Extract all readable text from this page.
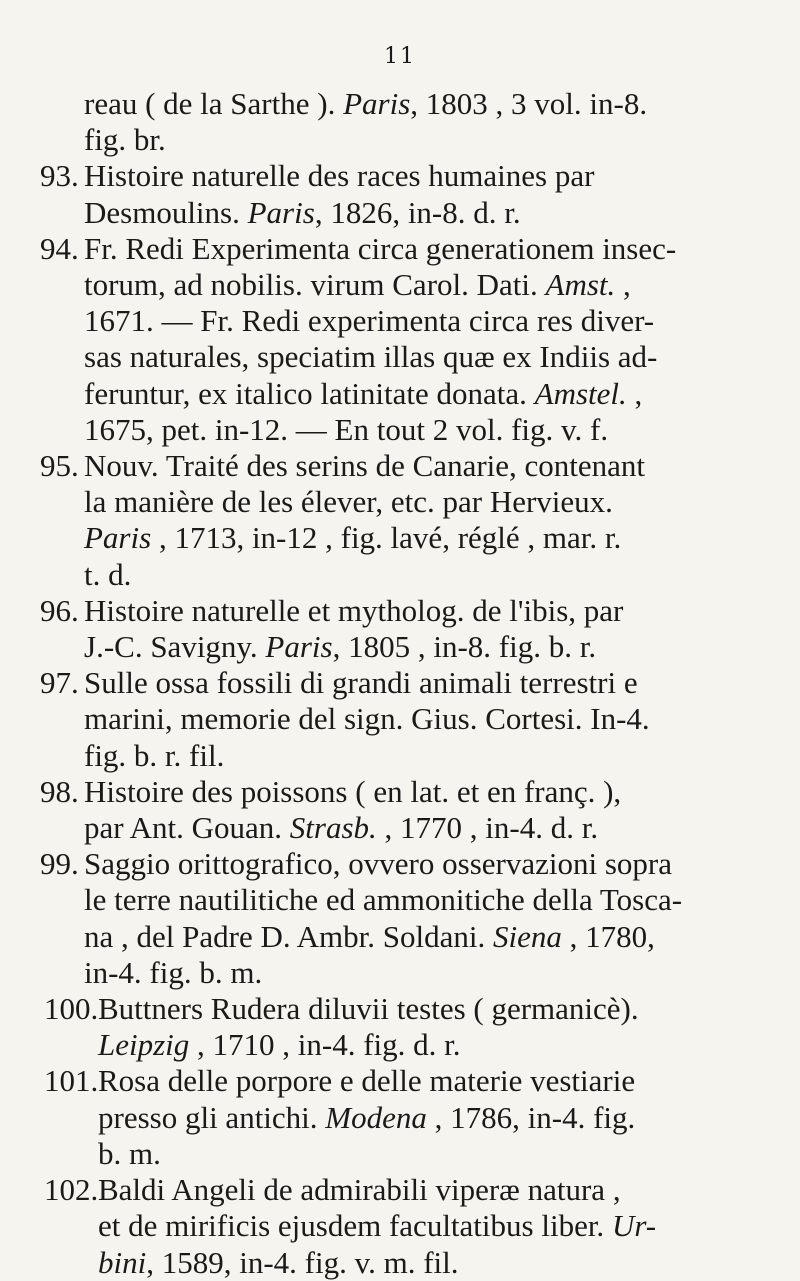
11
reau ( de la Sarthe ). Paris, 1803 , 3 vol. in-8.
fig. br.
93. Histoire naturelle des races humaines par
Desmoulins. Paris, 1826, in-8. d. r.
94. Fr. Redi Experimenta circa generationem insec-
torum, ad nobilis. virum Carol. Dati. Amst. ,
1671. — Fr. Redi experimenta circa res diver-
sas naturales, speciatim illas quæ ex Indiis ad-
feruntur, ex italico latinitate donata. Amstel. ,
1675, pet. in-12. — En tout 2 vol. fig. v. f.
95. Nouv. Traité des serins de Canarie, contenant
la manière de les élever, etc. par Hervieux.
Paris , 1713, in-12 , fig. lavé, réglé , mar. r.
t. d.
96. Histoire naturelle et mytholog. de l'ibis, par
J.-C. Savigny. Paris, 1805 , in-8. fig. b. r.
97. Sulle ossa fossili di grandi animali terrestri e
marini, memorie del sign. Gius. Cortesi. In-4.
fig. b. r. fil.
98. Histoire des poissons ( en lat. et en franç. ),
par Ant. Gouan. Strasb. , 1770 , in-4. d. r.
99. Saggio orittografico, ovvero osservazioni sopra
le terre nautilitiche ed ammonitiche della Tosca-
na , del Padre D. Ambr. Soldani. Siena , 1780,
in-4. fig. b. m.
100. Buttners Rudera diluvii testes ( germanicè).
Leipzig , 1710 , in-4. fig. d. r.
101. Rosa delle porpore e delle materie vestiarie
presso gli antichi. Modena , 1786, in-4. fig.
b. m.
102. Baldi Angeli de admirabili viperæ natura ,
et de mirificis ejusdem facultatibus liber. Ur-
bini, 1589, in-4. fig. v. m. fil.
